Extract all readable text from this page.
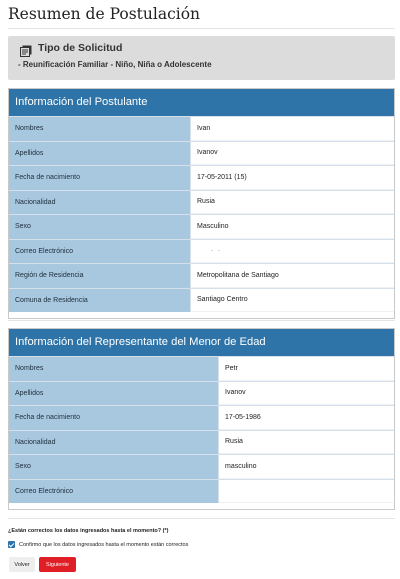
Resumen de Postulación
Tipo de Solicitud
- Reunificación Familiar - Niño, Niña o Adolescente
Información del Postulante
Nombres	Ivan
Apellidos	Ivanov
Fecha de nacimiento	17-05-2011 (15)
Nacionalidad	Rusia
Sexo	Masculino
Correo Electrónico	-   -
Región de Residencia	Metropolitana de Santiago
Comuna de Residencia	Santiago Centro
Información del Representante del Menor de Edad
Nombres	Petr
Apellidos	Ivanov
Fecha de nacimiento	17-05-1986
Nacionalidad	Rusia
Sexo	masculino
Correo Electrónico
¿Están correctos los datos ingresados hasta el momento? (*)
Confirmo que los datos ingresados hasta el momento están correctos
Volver	Siguiente
